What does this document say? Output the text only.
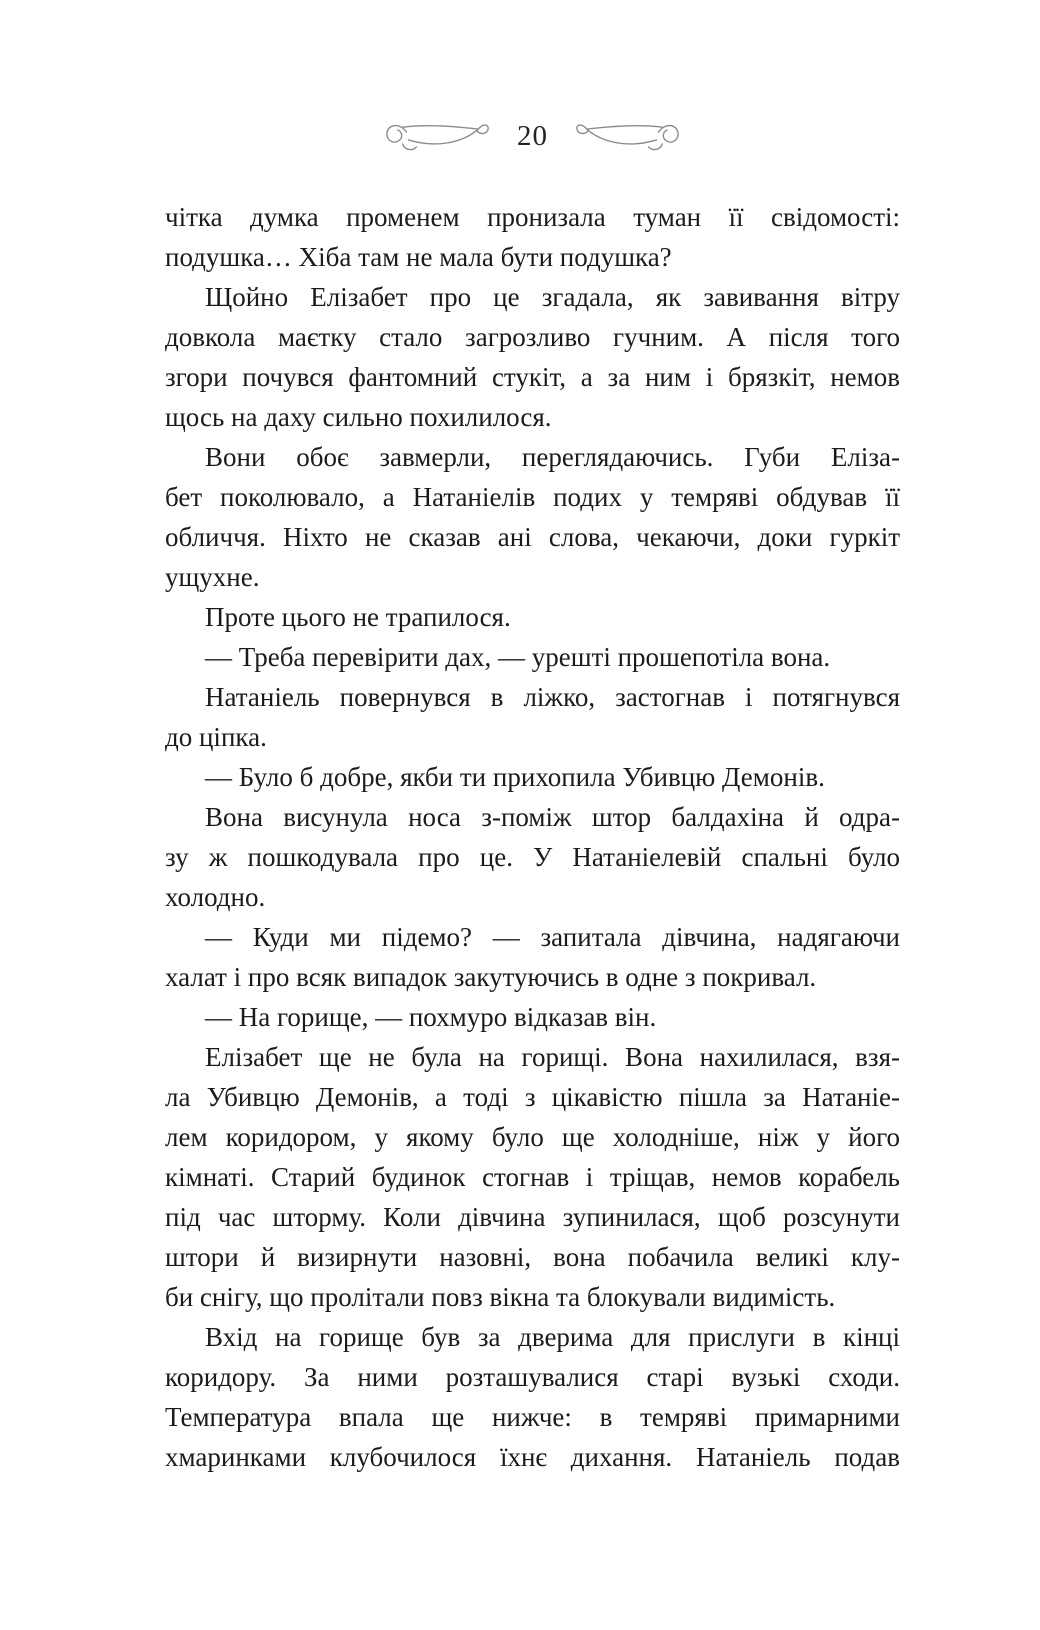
20
чітка думка променем пронизала туман її свідомості:
подушка… Хіба там не мала бути подушка?
Щойно Елізабет про це згадала, як завивання вітру
довкола маєтку стало загрозливо гучним. А після того
згори почувся фантомний стукіт, а за ним і брязкіт, немов
щось на даху сильно похилилося.
Вони обоє завмерли, переглядаючись. Губи Еліза-
бет поколювало, а Натаніелів подих у темряві обдував її
обличчя. Ніхто не сказав ані слова, чекаючи, доки гуркіт
ущухне.
Проте цього не трапилося.
— Треба перевірити дах, — урешті прошепотіла вона.
Натаніель повернувся в ліжко, застогнав і потягнувся
до ціпка.
— Було б добре, якби ти прихопила Убивцю Демонів.
Вона висунула носа з-поміж штор балдахіна й одра-
зу ж пошкодувала про це. У Натаніелевій спальні було
холодно.
— Куди ми підемо? — запитала дівчина, надягаючи
халат і про всяк випадок закутуючись в одне з покривал.
— На горище, — похмуро відказав він.
Елізабет ще не була на горищі. Вона нахилилася, взя-
ла Убивцю Демонів, а тоді з цікавістю пішла за Натаніе-
лем коридором, у якому було ще холодніше, ніж у його
кімнаті. Старий будинок стогнав і тріщав, немов корабель
під час шторму. Коли дівчина зупинилася, щоб розсунути
штори й визирнути назовні, вона побачила великі клу-
би снігу, що пролітали повз вікна та блокували видимість.
Вхід на горище був за дверима для прислуги в кінці
коридору. За ними розташувалися старі вузькі сходи.
Температура впала ще нижче: в темряві примарними
хмаринками клубочилося їхнє дихання. Натаніель подав
